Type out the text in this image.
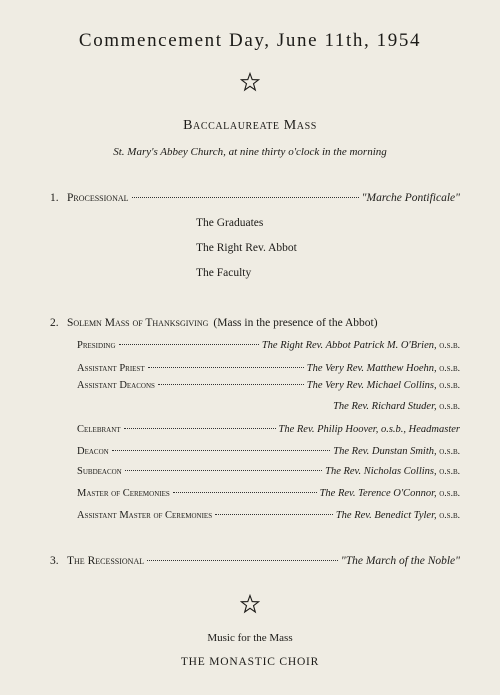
Commencement Day, June 11th, 1954
Baccalaureate Mass
St. Mary's Abbey Church, at nine thirty o'clock in the morning
1. Processional	"Marche Pontificale"
The Graduates
The Right Rev. Abbot
The Faculty
2. Solemn Mass of Thanksgiving (Mass in the presence of the Abbot)
Presiding	The Right Rev. Abbot Patrick M. O'Brien, o.s.b.
Assistant Priest	The Very Rev. Matthew Hoehn, o.s.b.
Assistant Deacons	The Very Rev. Michael Collins, o.s.b.
The Rev. Richard Studer, o.s.b.
Celebrant	The Rev. Philip Hoover, o.s.b., Headmaster
Deacon	The Rev. Dunstan Smith, o.s.b.
Subdeacon	The Rev. Nicholas Collins, o.s.b.
Master of Ceremonies	The Rev. Terence O'Connor, o.s.b.
Assistant Master of Ceremonies	The Rev. Benedict Tyler, o.s.b.
3. The Recessional	"The March of the Noble"
Music for the Mass
THE MONASTIC CHOIR
